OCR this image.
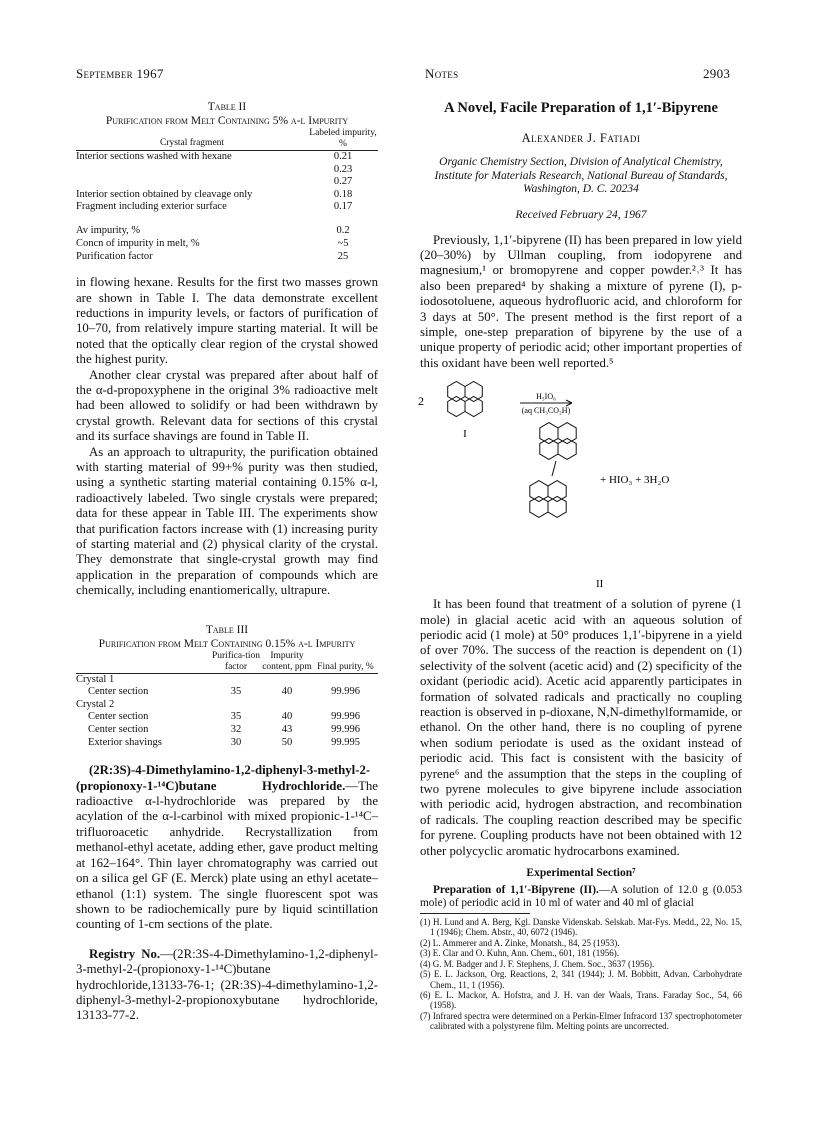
September 1967	Notes	2903
Table II
Purification from Melt Containing 5% α-l Impurity
Crystal fragment	Labeled impurity, %
Interior sections washed with hexane	0.21
	0.23
	0.27
Interior section obtained by cleavage only	0.18
Fragment including exterior surface	0.17
Av impurity, %	0.2
Concn of impurity in melt, %	~5
Purification factor	25

in flowing hexane. Results for the first two masses grown are shown in Table I. The data demonstrate excellent reductions in impurity levels, or factors of purification of 10–70, from relatively impure starting material. It will be noted that the optically clear region of the crystal showed the highest purity.

Another clear crystal was prepared after about half of the α-d-propoxyphene in the original 3% radioactive melt had been allowed to solidify or had been withdrawn by crystal growth. Relevant data for sections of this crystal and its surface shavings are found in Table II.

As an approach to ultrapurity, the purification obtained with starting material of 99+% purity was then studied, using a synthetic starting material containing 0.15% α-l, radioactively labeled. Two single crystals were prepared; data for these appear in Table III. The experiments show that purification factors increase with (1) increasing purity of starting material and (2) physical clarity of the crystal. They demonstrate that single-crystal growth may find application in the preparation of compounds which are chemically, including enantiomerically, ultrapure.

Table III
Purification from Melt Containing 0.15% α-l Impurity
	Purifica-tion factor	Impurity content, ppm	Final purity, %
Crystal 1			
Center section	35	40	99.996
Crystal 2			
Center section	35	40	99.996
Center section	32	43	99.996
Exterior shavings	30	50	99.995

(2R:3S)-4-Dimethylamino-1,2-diphenyl-3-methyl-2-(propionoxy-1-¹⁴C)butane Hydrochloride.—The radioactive α-l-hydrochloride was prepared by the acylation of the α-l-carbinol with mixed propionic-1-¹⁴C–trifluoroacetic anhydride. Recrystallization from methanol-ethyl acetate, adding ether, gave product melting at 162–164°. Thin layer chromatography was carried out on a silica gel GF (E. Merck) plate using an ethyl acetate–ethanol (1:1) system. The single fluorescent spot was shown to be radiochemically pure by liquid scintillation counting of 1-cm sections of the plate.

Registry No.—(2R:3S-4-Dimethylamino-1,2-diphenyl-3-methyl-2-(propionoxy-1-¹⁴C)butane hydrochloride,13133-76-1; (2R:3S)-4-dimethylamino-1,2-diphenyl-3-methyl-2-propionoxybutane hydrochloride, 13133-77-2.

A Novel, Facile Preparation of 1,1′-Bipyrene

Alexander J. Fatiadi

Organic Chemistry Section, Division of Analytical Chemistry, Institute for Materials Research, National Bureau of Standards, Washington, D. C. 20234

Received February 24, 1967

Previously, 1,1′-bipyrene (II) has been prepared in low yield (20–30%) by Ullman coupling, from iodopyrene and magnesium,¹ or bromopyrene and copper powder.²˒³ It has also been prepared⁴ by shaking a mixture of pyrene (I), p-iodosotoluene, aqueous hydrofluoric acid, and chloroform for 3 days at 50°. The present method is the first report of a simple, one-step preparation of bipyrene by the use of a unique property of periodic acid; other important properties of this oxidant have been well reported.⁵

2	H₅IO₆
(aq CH₃CO₂H)
I
+ HIO₃ + 3H₂O
II

It has been found that treatment of a solution of pyrene (1 mole) in glacial acetic acid with an aqueous solution of periodic acid (1 mole) at 50° produces 1,1′-bipyrene in a yield of over 70%. The success of the reaction is dependent on (1) selectivity of the solvent (acetic acid) and (2) specificity of the oxidant (periodic acid). Acetic acid apparently participates in formation of solvated radicals and practically no coupling reaction is observed in p-dioxane, N,N-dimethylformamide, or ethanol. On the other hand, there is no coupling of pyrene when sodium periodate is used as the oxidant instead of periodic acid. This fact is consistent with the basicity of pyrene⁶ and the assumption that the steps in the coupling of two pyrene molecules to give bipyrene include association with periodic acid, hydrogen abstraction, and recombination of radicals. The coupling reaction described may be specific for pyrene. Coupling products have not been obtained with 12 other polycyclic aromatic hydrocarbons examined.

Experimental Section⁷

Preparation of 1,1′-Bipyrene (II).—A solution of 12.0 g (0.053 mole) of periodic acid in 10 ml of water and 40 ml of glacial

(1) H. Lund and A. Berg, Kgl. Danske Videnskab. Selskab. Mat-Fys. Medd., 22, No. 15, 1 (1946); Chem. Abstr., 40, 6072 (1946).

(2) L. Ammerer and A. Zinke, Monatsh., 84, 25 (1953).

(3) E. Clar and O. Kuhn, Ann. Chem., 601, 181 (1956).

(4) G. M. Badger and J. F. Stephens, J. Chem. Soc., 3637 (1956).

(5) E. L. Jackson, Org. Reactions, 2, 341 (1944); J. M. Bobbitt, Advan. Carbohydrate Chem., 11, 1 (1956).

(6) E. L. Mackor, A. Hofstra, and J. H. van der Waals, Trans. Faraday Soc., 54, 66 (1958).

(7) Infrared spectra were determined on a Perkin-Elmer Infracord 137 spectrophotometer calibrated with a polystyrene film. Melting points are uncorrected.
